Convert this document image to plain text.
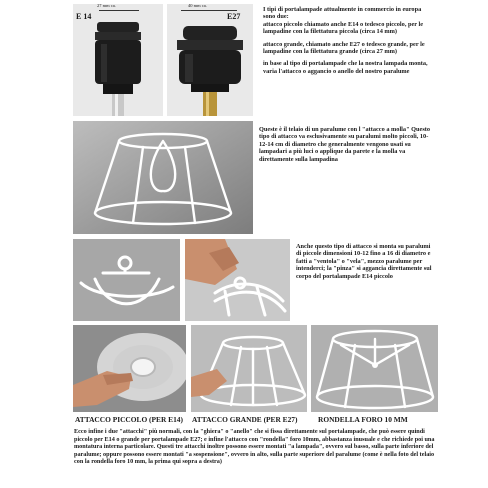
E 14	E27
27 mm ca.	40 mm ca.
I tipi di portalampade attualmente in commercio in europa sono due:
attacco piccolo chiamato anche E14 o tedesco piccolo, per le lampadine con la filettatura piccola (circa 14 mm)
attacco grande, chiamato anche E27 o tedesco grande, per le lampadine con la filettatura grande (circa 27 mm)
in base al tipo di portalampade che la nostra lampada monta, varia l'attacco o aggancio o anello del nostro paralume
Queste è il telaio di un paralume con l "attacco a molla" Questo tipo di attacco va esclusivamente su paralumi molto piccoli, 10-12-14 cm di diametro che generalmente vengono usati su lampadari a più luci o applique da parete e la molla va direttamente sulla lampadina
Anche questo tipo di attacco si monta su paralumi di piccole dimensioni 10-12 fino a 16 di diametro e fatti a "ventola" o "vela", mezzo paralume per intenderci; la "pinza" si aggancia direttamente sul corpo del portalampade E14 piccolo
ATTACCO PICCOLO (PER E14) ATTACCO GRANDE (PER E27)	RONDELLA FORO 10 MM
Ecco infine i due "attacchi" più normali, con la "ghiera" o "anello" che si fissa direttamente sul portalampade, che può essere quindi piccolo per E14 o grande per portalampade E27; e infine l'attacco con "rondella" foro 10mm, abbastanza inusuale e che richiede poi una montatura interna particolare. Questi tre attacchi inoltre possono essere montati "a lampada", ovvero sul basso, sulla parte inferiore del paralume; oppure possono essere montati "a sospensione", ovvero in alto, sulla parte superiore del paralume (come è nella foto del telaio con la rondella foro 10 mm, la prima qui sopra a destra)
